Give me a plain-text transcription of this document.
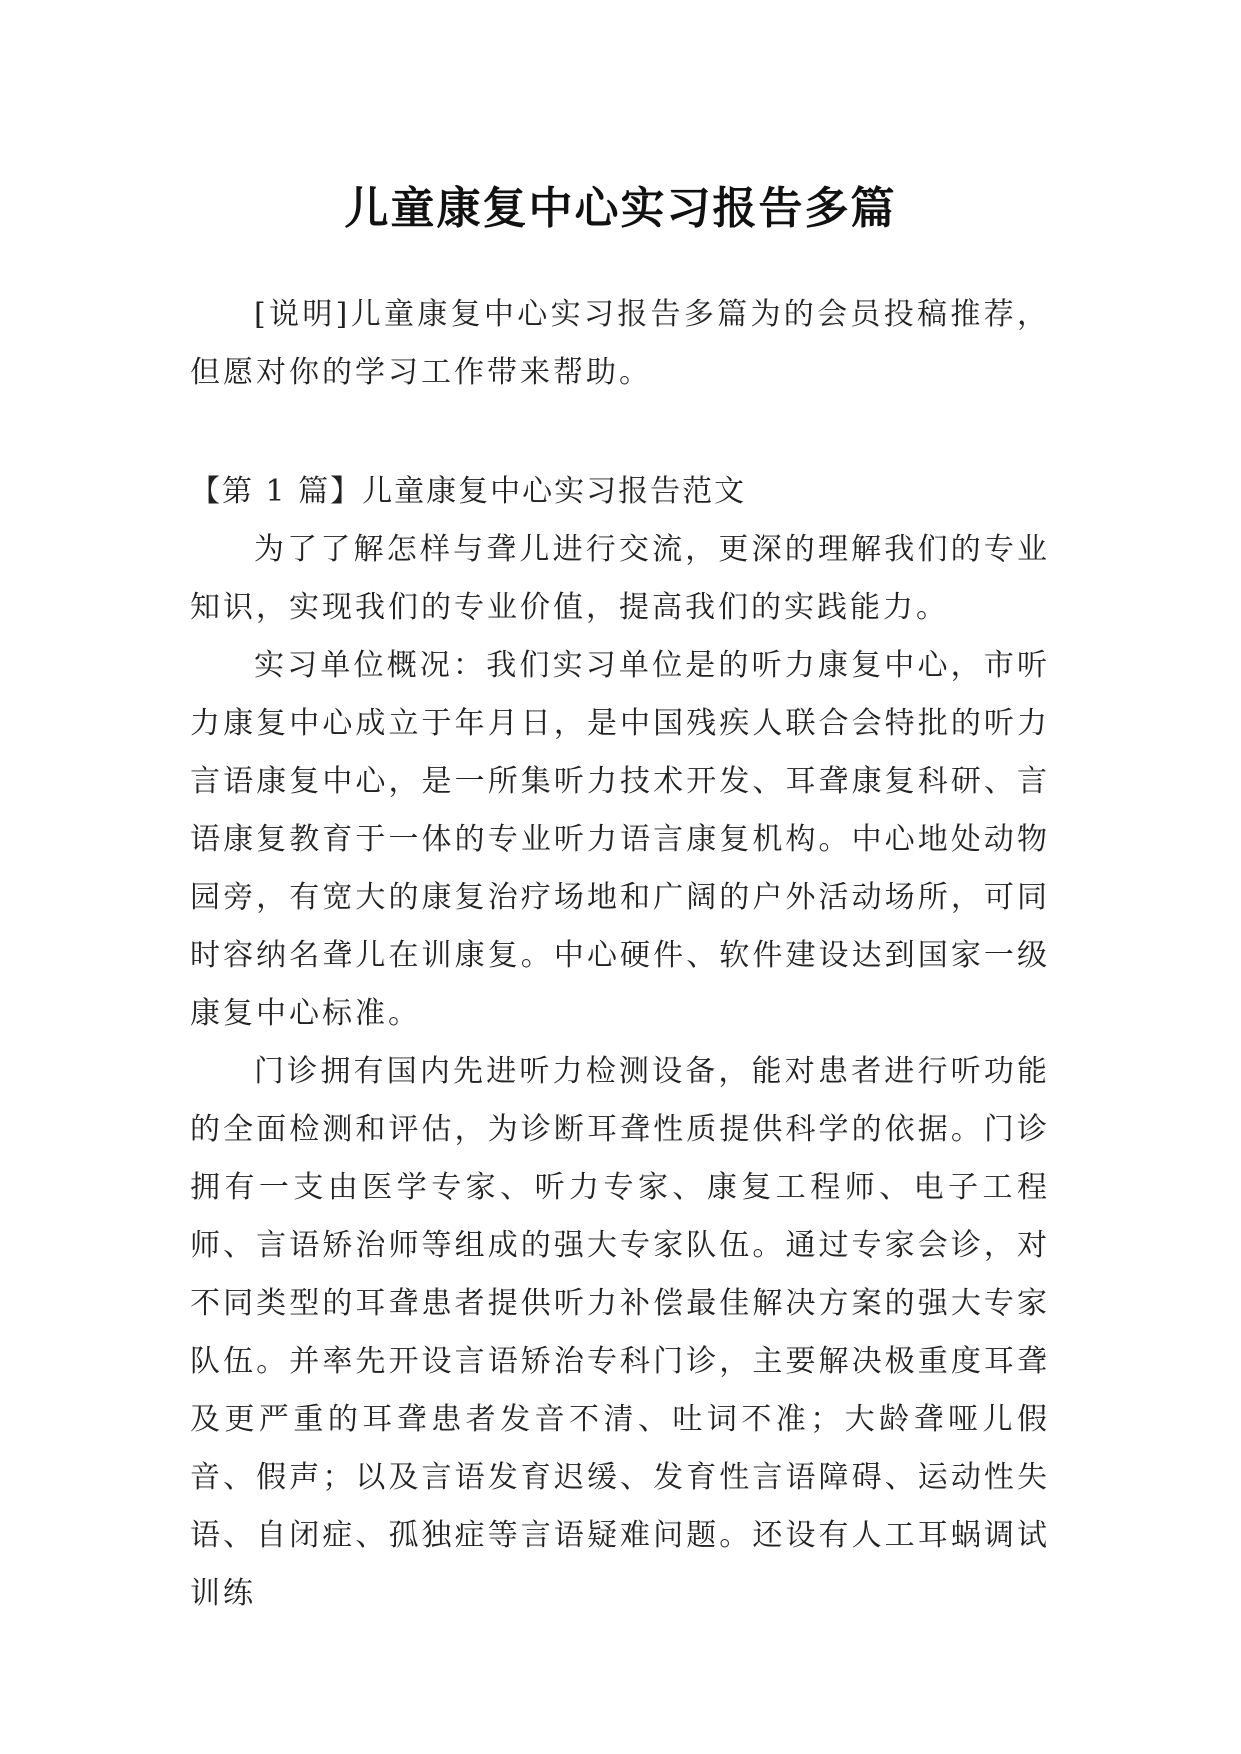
儿童康复中心实习报告多篇

[说明]儿童康复中心实习报告多篇为的会员投稿推荐，但愿对你的学习工作带来帮助。

【第 1 篇】儿童康复中心实习报告范文

为了了解怎样与聋儿进行交流，更深的理解我们的专业知识，实现我们的专业价值，提高我们的实践能力。

实习单位概况：我们实习单位是的听力康复中心，市听力康复中心成立于年月日，是中国残疾人联合会特批的听力言语康复中心，是一所集听力技术开发、耳聋康复科研、言语康复教育于一体的专业听力语言康复机构。中心地处动物园旁，有宽大的康复治疗场地和广阔的户外活动场所，可同时容纳名聋儿在训康复。中心硬件、软件建设达到国家一级康复中心标准。

门诊拥有国内先进听力检测设备，能对患者进行听功能的全面检测和评估，为诊断耳聋性质提供科学的依据。门诊拥有一支由医学专家、听力专家、康复工程师、电子工程师、言语矫治师等组成的强大专家队伍。通过专家会诊，对不同类型的耳聋患者提供听力补偿最佳解决方案的强大专家队伍。并率先开设言语矫治专科门诊，主要解决极重度耳聋及更严重的耳聋患者发音不清、吐词不准；大龄聋哑儿假音、假声；以及言语发育迟缓、发育性言语障碍、运动性失语、自闭症、孤独症等言语疑难问题。还设有人工耳蜗调试训练
